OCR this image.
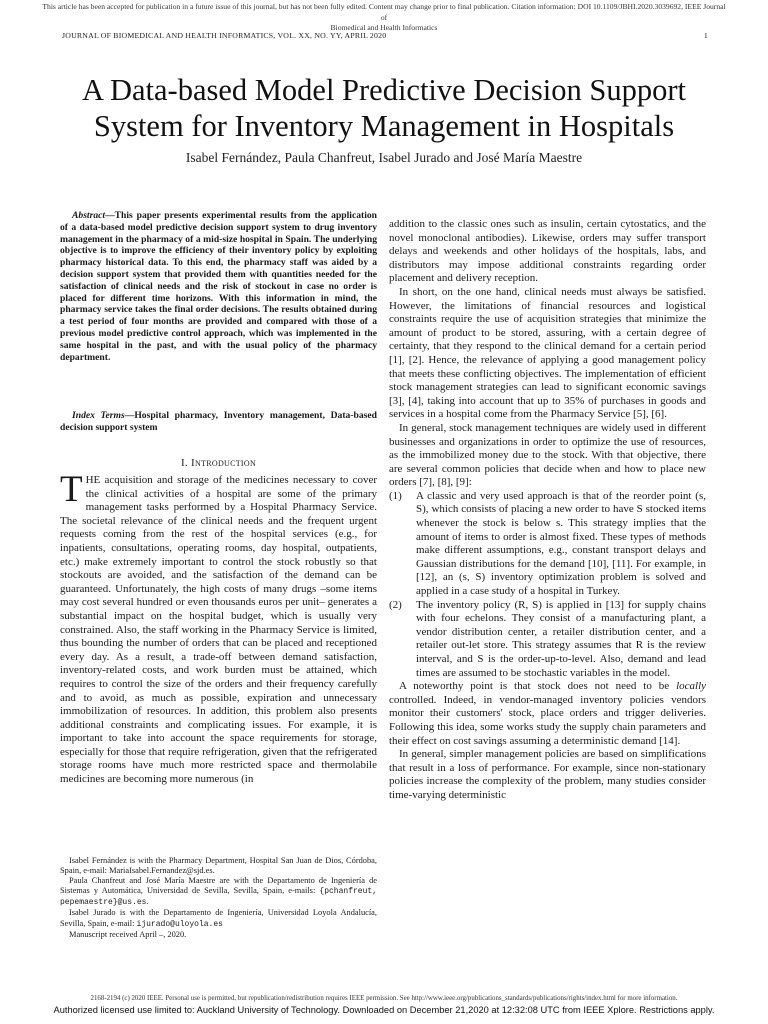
This article has been accepted for publication in a future issue of this journal, but has not been fully edited. Content may change prior to final publication. Citation information: DOI 10.1109/JBHI.2020.3039692, IEEE Journal of
Biomedical and Health Informatics
JOURNAL OF BIOMEDICAL AND HEALTH INFORMATICS, VOL. XX, NO. YY, APRIL 2020	1
A Data-based Model Predictive Decision Support
System for Inventory Management in Hospitals
Isabel Fernández, Paula Chanfreut, Isabel Jurado and José María Maestre
Abstract—This paper presents experimental results from the application of a data-based model predictive decision support system to drug inventory management in the pharmacy of a mid-size hospital in Spain. The underlying objective is to improve the efficiency of their inventory policy by exploiting pharmacy historical data. To this end, the pharmacy staff was aided by a decision support system that provided them with quantities needed for the satisfaction of clinical needs and the risk of stockout in case no order is placed for different time horizons. With this information in mind, the pharmacy service takes the final order decisions. The results obtained during a test period of four months are provided and compared with those of a previous model predictive control approach, which was implemented in the same hospital in the past, and with the usual policy of the pharmacy department.
Index Terms—Hospital pharmacy, Inventory management, Data-based decision support system
I. Introduction
THE acquisition and storage of the medicines necessary to cover the clinical activities of a hospital are some of the primary management tasks performed by a Hospital Pharmacy Service. The societal relevance of the clinical needs and the frequent urgent requests coming from the rest of the hospital services (e.g., for inpatients, consultations, operating rooms, day hospital, outpatients, etc.) make extremely important to control the stock robustly so that stockouts are avoided, and the satisfaction of the demand can be guaranteed. Unfortunately, the high costs of many drugs –some items may cost several hundred or even thousands euros per unit– generates a substantial impact on the hospital budget, which is usually very constrained. Also, the staff working in the Pharmacy Service is limited, thus bounding the number of orders that can be placed and receptioned every day. As a result, a trade-off between demand satisfaction, inventory-related costs, and work burden must be attained, which requires to control the size of the orders and their frequency carefully and to avoid, as much as possible, expiration and unnecessary immobilization of resources. In addition, this problem also presents additional constraints and complicating issues. For example, it is important to take into account the space requirements for storage, especially for those that require refrigeration, given that the refrigerated storage rooms have much more restricted space and thermolabile medicines are becoming more numerous (in
Isabel Fernández is with the Pharmacy Department, Hospital San Juan de Dios, Córdoba, Spain, e-mail: MariaIsabel.Fernandez@sjd.es.
Paula Chanfreut and José María Maestre are with the Departamento de Ingeniería de Sistemas y Automática, Universidad de Sevilla, Sevilla, Spain, e-mails: {pchanfreut, pepemaestre}@us.es.
Isabel Jurado is with the Departamento de Ingeniería, Universidad Loyola Andalucía, Sevilla, Spain, e-mail: ijurado@uloyola.es
Manuscript received April –, 2020.

addition to the classic ones such as insulin, certain cytostatics, and the novel monoclonal antibodies). Likewise, orders may suffer transport delays and weekends and other holidays of the hospitals, labs, and distributors may impose additional constraints regarding order placement and delivery reception.

In short, on the one hand, clinical needs must always be satisfied. However, the limitations of financial resources and logistical constraints require the use of acquisition strategies that minimize the amount of product to be stored, assuring, with a certain degree of certainty, that they respond to the clinical demand for a certain period [1], [2]. Hence, the relevance of applying a good management policy that meets these conflicting objectives. The implementation of efficient stock management strategies can lead to significant economic savings [3], [4], taking into account that up to 35% of purchases in goods and services in a hospital come from the Pharmacy Service [5], [6].

In general, stock management techniques are widely used in different businesses and organizations in order to optimize the use of resources, as the immobilized money due to the stock. With that objective, there are several common policies that decide when and how to place new orders [7], [8], [9]:

(1) A classic and very used approach is that of the reorder point (s, S), which consists of placing a new order to have S stocked items whenever the stock is below s. This strategy implies that the amount of items to order is almost fixed. These types of methods make different assumptions, e.g., constant transport delays and Gaussian distributions for the demand [10], [11]. For example, in [12], an (s, S) inventory optimization problem is solved and applied in a case study of a hospital in Turkey.
(2) The inventory policy (R, S) is applied in [13] for supply chains with four echelons. They consist of a manufacturing plant, a vendor distribution center, a retailer distribution center, and a retailer out-let store. This strategy assumes that R is the review interval, and S is the order-up-to-level. Also, demand and lead times are assumed to be stochastic variables in the model.

A noteworthy point is that stock does not need to be locally controlled. Indeed, in vendor-managed inventory policies vendors monitor their customers' stock, place orders and trigger deliveries. Following this idea, some works study the supply chain parameters and their effect on cost savings assuming a deterministic demand [14].

In general, simpler management policies are based on simplifications that result in a loss of performance. For example, since non-stationary policies increase the complexity of the problem, many studies consider time-varying deterministic

2168-2194 (c) 2020 IEEE. Personal use is permitted, but republication/redistribution requires IEEE permission. See http://www.ieee.org/publications_standards/publications/rights/index.html for more information.
Authorized licensed use limited to: Auckland University of Technology. Downloaded on December 21,2020 at 12:32:08 UTC from IEEE Xplore. Restrictions apply.
